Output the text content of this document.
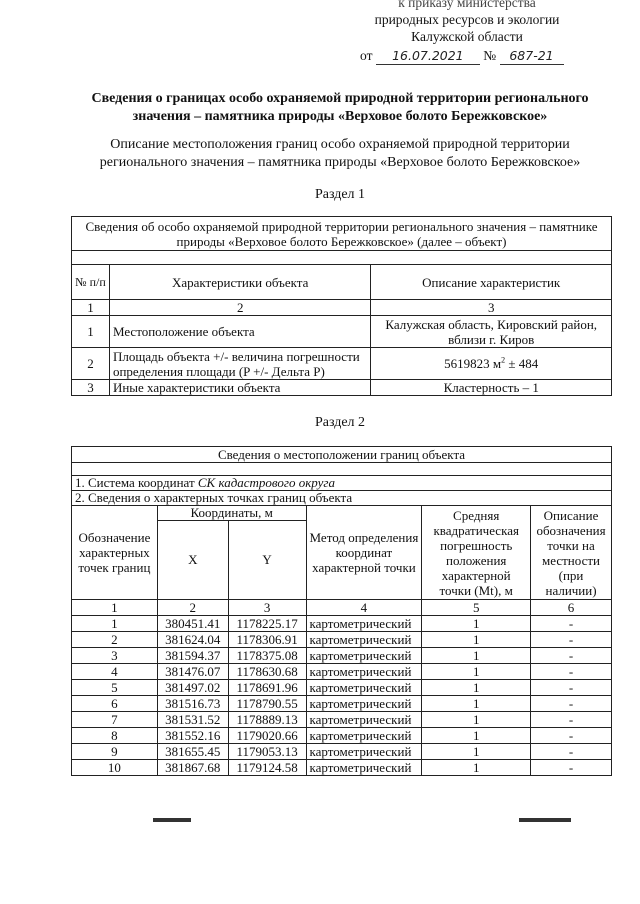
к приказу министерства
природных ресурсов и экологии
Калужской области
от 16.07.2021 № 687-21
Сведения о границах особо охраняемой природной территории регионального значения – памятника природы «Верховое болото Бережковское»
Описание местоположения границ особо охраняемой природной территории регионального значения – памятника природы «Верховое болото Бережковское»
Раздел 1
Сведения об особо охраняемой природной территории регионального значения – памятнике природы «Верховое болото Бережковское» (далее – объект)		

№ п/п	Характеристики объекта	Описание характеристик
1	2	3
1	Местоположение объекта	Калужская область, Кировский район, вблизи г. Киров
2	Площадь объекта +/- величина погрешности определения площади (P +/- Дельта P)	5619823 $м^2 \pm 484$
3	Иные характеристики объекта	Кластерность – 1
Раздел 2
Сведения о местоположении границ объекта					

1. Система координат СК кадастрового округа					
2. Сведения о характерных точках границ объекта					
Обозначение характерных точек границ	Координаты, м		Метод определения координат характерной точки	Средняя квадратическая погрешность положения характерной точки (Mt), м	Описание обозначения точки на местности (при наличии)
	X	Y			
1	2	3	4	5	6
1	380451.41	1178225.17	картометрический	1	-
2	381624.04	1178306.91	картометрический	1	-
3	381594.37	1178375.08	картометрический	1	-
4	381476.07	1178630.68	картометрический	1	-
5	381497.02	1178691.96	картометрический	1	-
6	381516.73	1178790.55	картометрический	1	-
7	381531.52	1178889.13	картометрический	1	-
8	381552.16	1179020.66	картометрический	1	-
9	381655.45	1179053.13	картометрический	1	-
10	381867.68	1179124.58	картометрический	1	-
